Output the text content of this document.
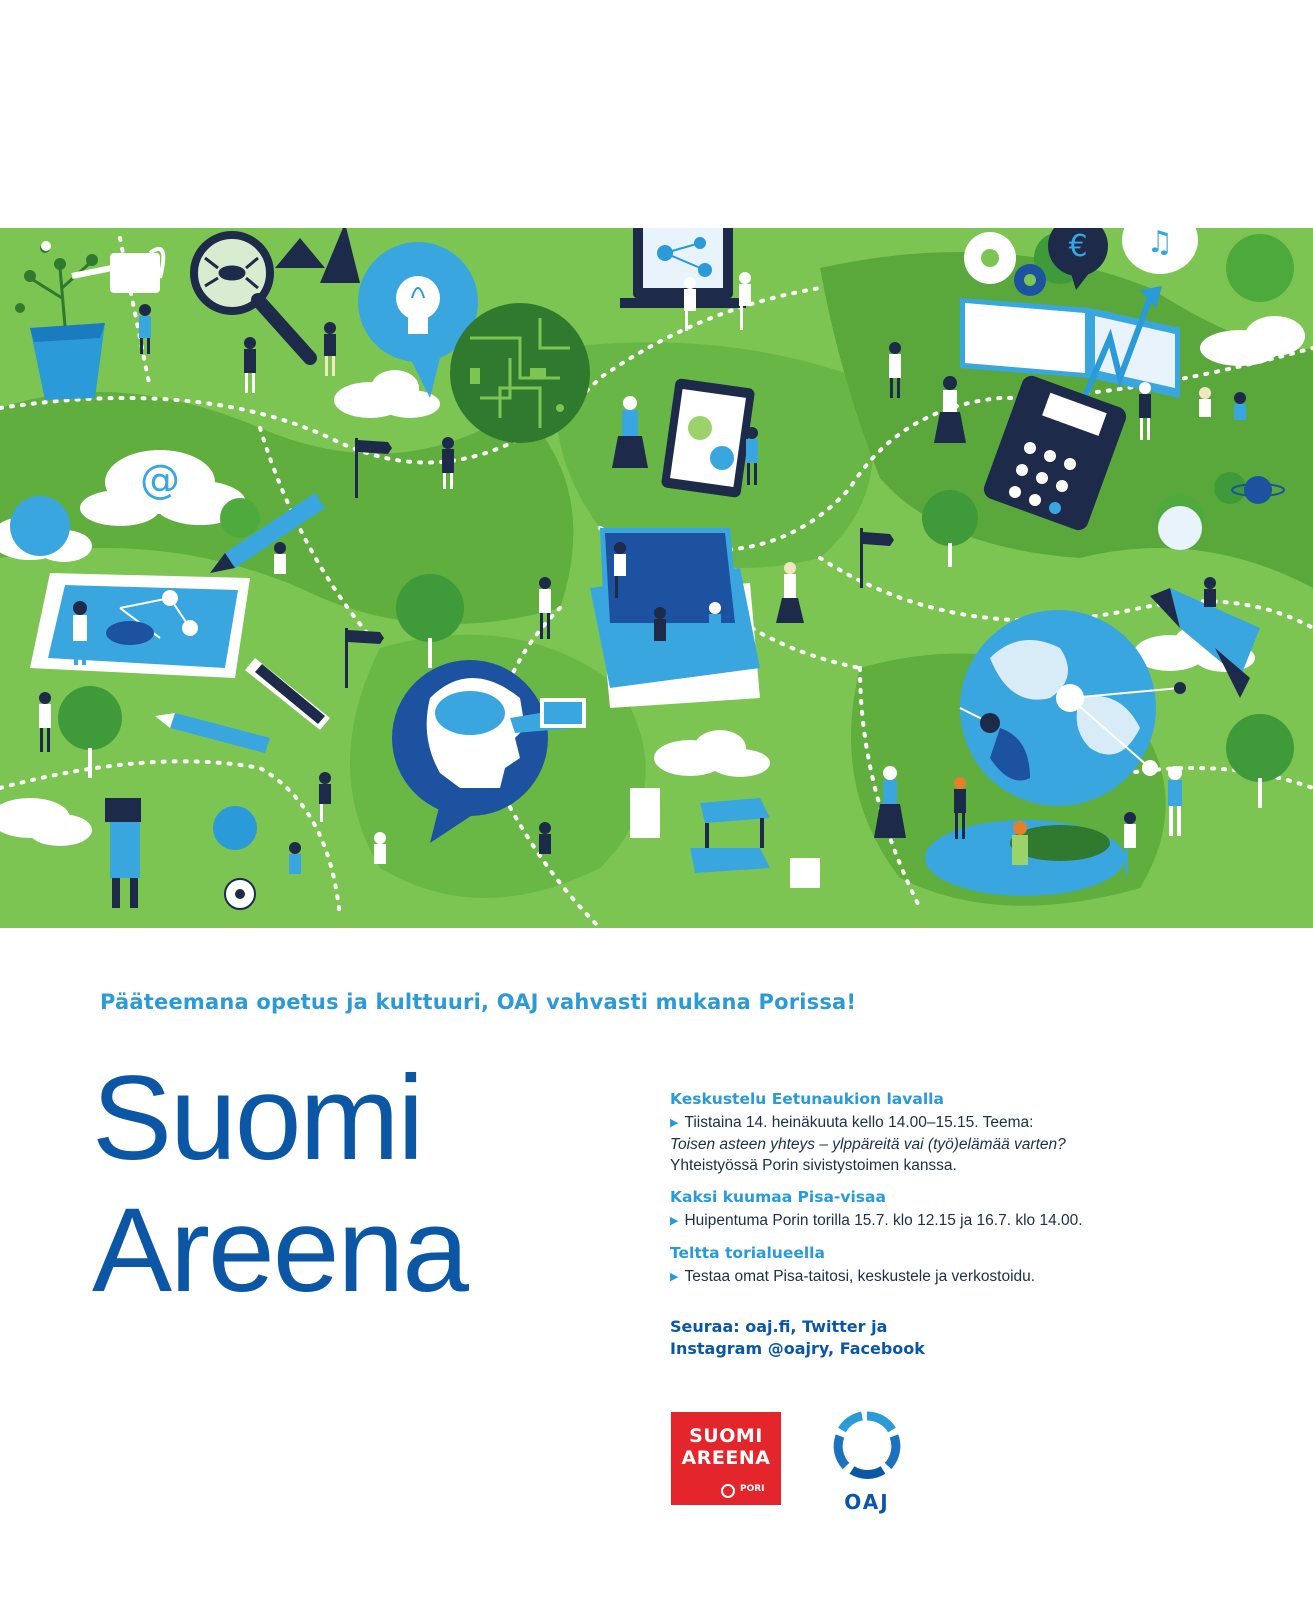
€ ♫
@
Pääteemana opetus ja kulttuuri, OAJ vahvasti mukana Porissa!
Suomi
Areena
Keskustelu Eetunaukion lavalla
▶ Tiistaina 14. heinäkuuta kello 14.00–15.15. Teema:
Toisen asteen yhteys – ylppäreitä vai (työ)elämää varten?
Yhteistyössä Porin sivistystoimen kanssa.
Kaksi kuumaa Pisa-visaa
▶ Huipentuma Porin torilla 15.7. klo 12.15 ja 16.7. klo 14.00.
Teltta torialueella
▶ Testaa omat Pisa-taitosi, keskustele ja verkostoidu.
Seuraa: oaj.fi, Twitter ja
Instagram @oajry, Facebook
SUOMI
AREENA
PORI
OAJ
